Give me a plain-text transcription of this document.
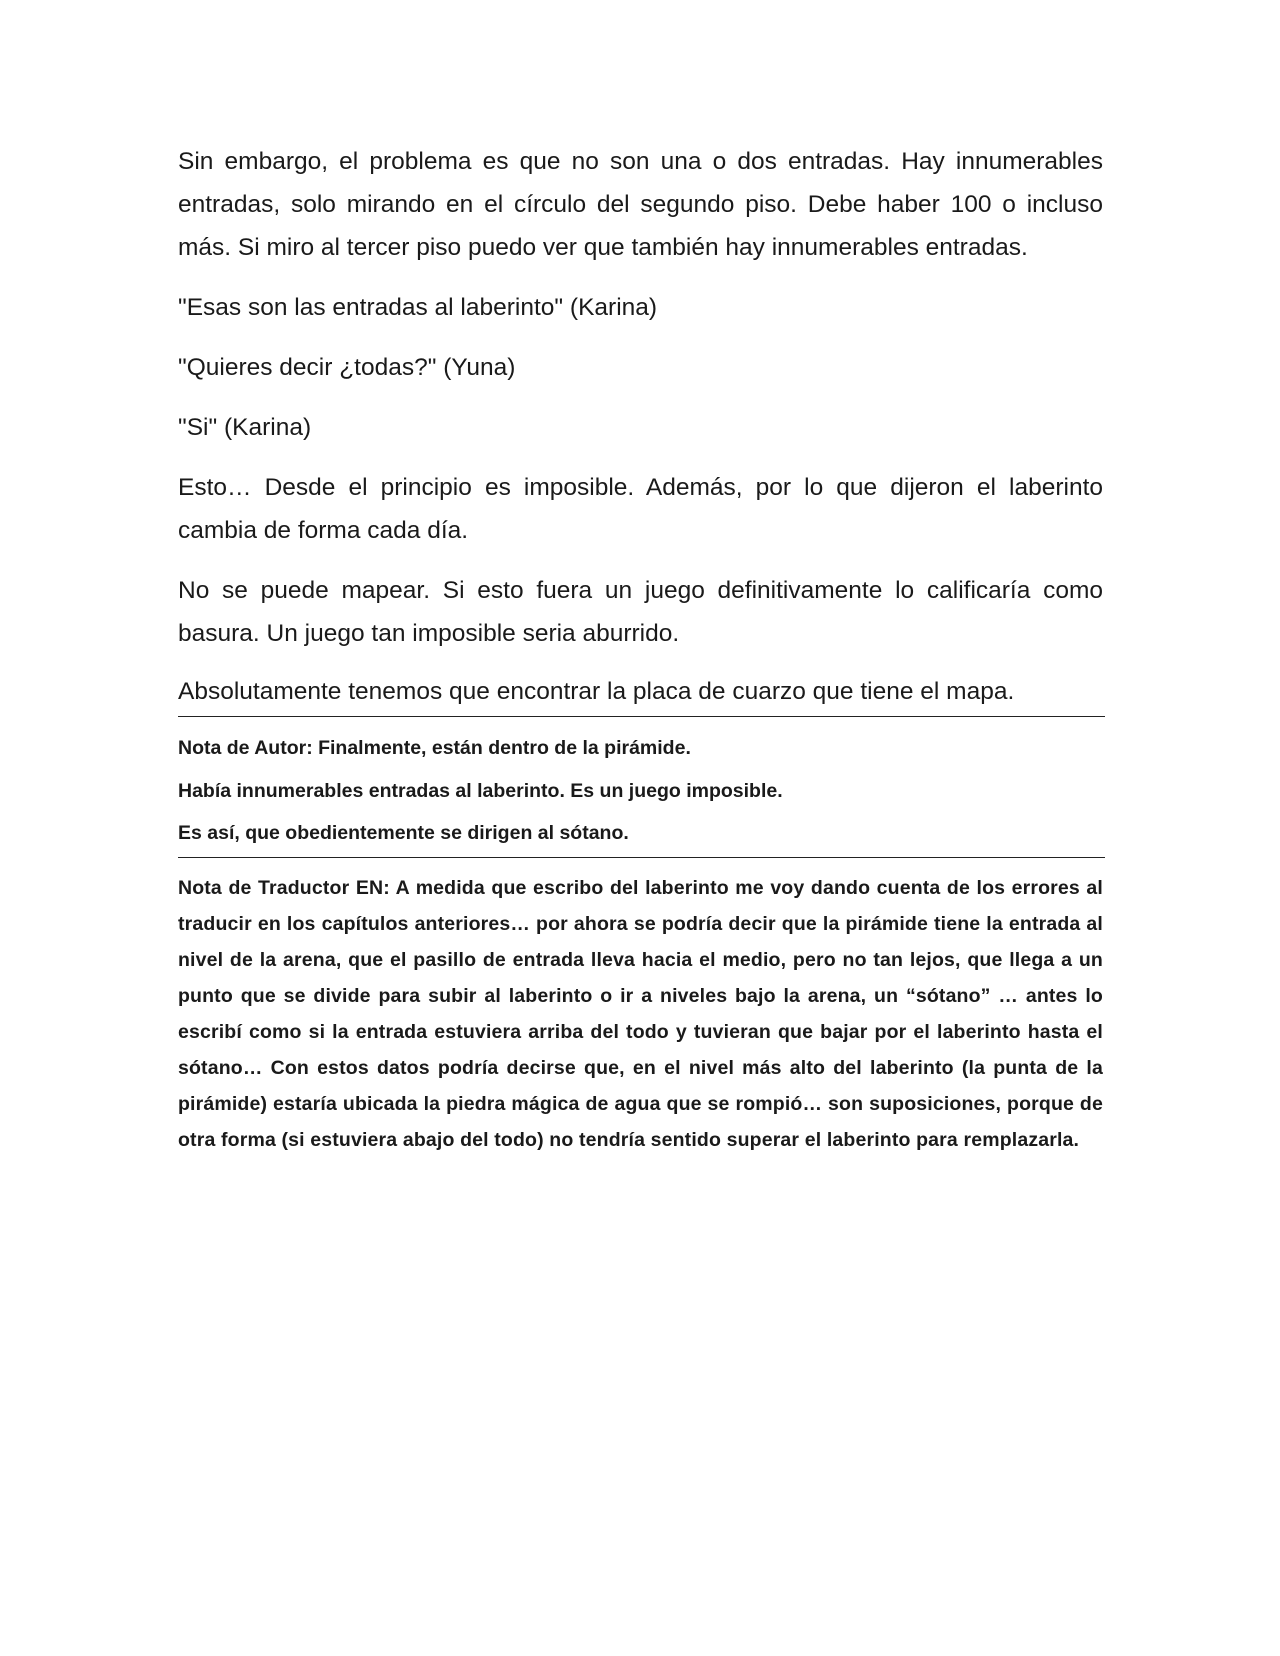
Sin embargo, el problema es que no son una o dos entradas. Hay innumerables entradas, solo mirando en el círculo del segundo piso. Debe haber 100 o incluso más. Si miro al tercer piso puedo ver que también hay innumerables entradas.

"Esas son las entradas al laberinto" (Karina)

"Quieres decir ¿todas?" (Yuna)

"Si" (Karina)

Esto… Desde el principio es imposible. Además, por lo que dijeron el laberinto cambia de forma cada día.

No se puede mapear. Si esto fuera un juego definitivamente lo calificaría como basura. Un juego tan imposible seria aburrido.

Absolutamente tenemos que encontrar la placa de cuarzo que tiene el mapa.

Nota de Autor: Finalmente, están dentro de la pirámide.

Había innumerables entradas al laberinto. Es un juego imposible.

Es así, que obedientemente se dirigen al sótano.

Nota de Traductor EN: A medida que escribo del laberinto me voy dando cuenta de los errores al traducir en los capítulos anteriores… por ahora se podría decir que la pirámide tiene la entrada al nivel de la arena, que el pasillo de entrada lleva hacia el medio, pero no tan lejos, que llega a un punto que se divide para subir al laberinto o ir a niveles bajo la arena, un “sótano” … antes lo escribí como si la entrada estuviera arriba del todo y tuvieran que bajar por el laberinto hasta el sótano… Con estos datos podría decirse que, en el nivel más alto del laberinto (la punta de la pirámide) estaría ubicada la piedra mágica de agua que se rompió… son suposiciones, porque de otra forma (si estuviera abajo del todo) no tendría sentido superar el laberinto para remplazarla.
